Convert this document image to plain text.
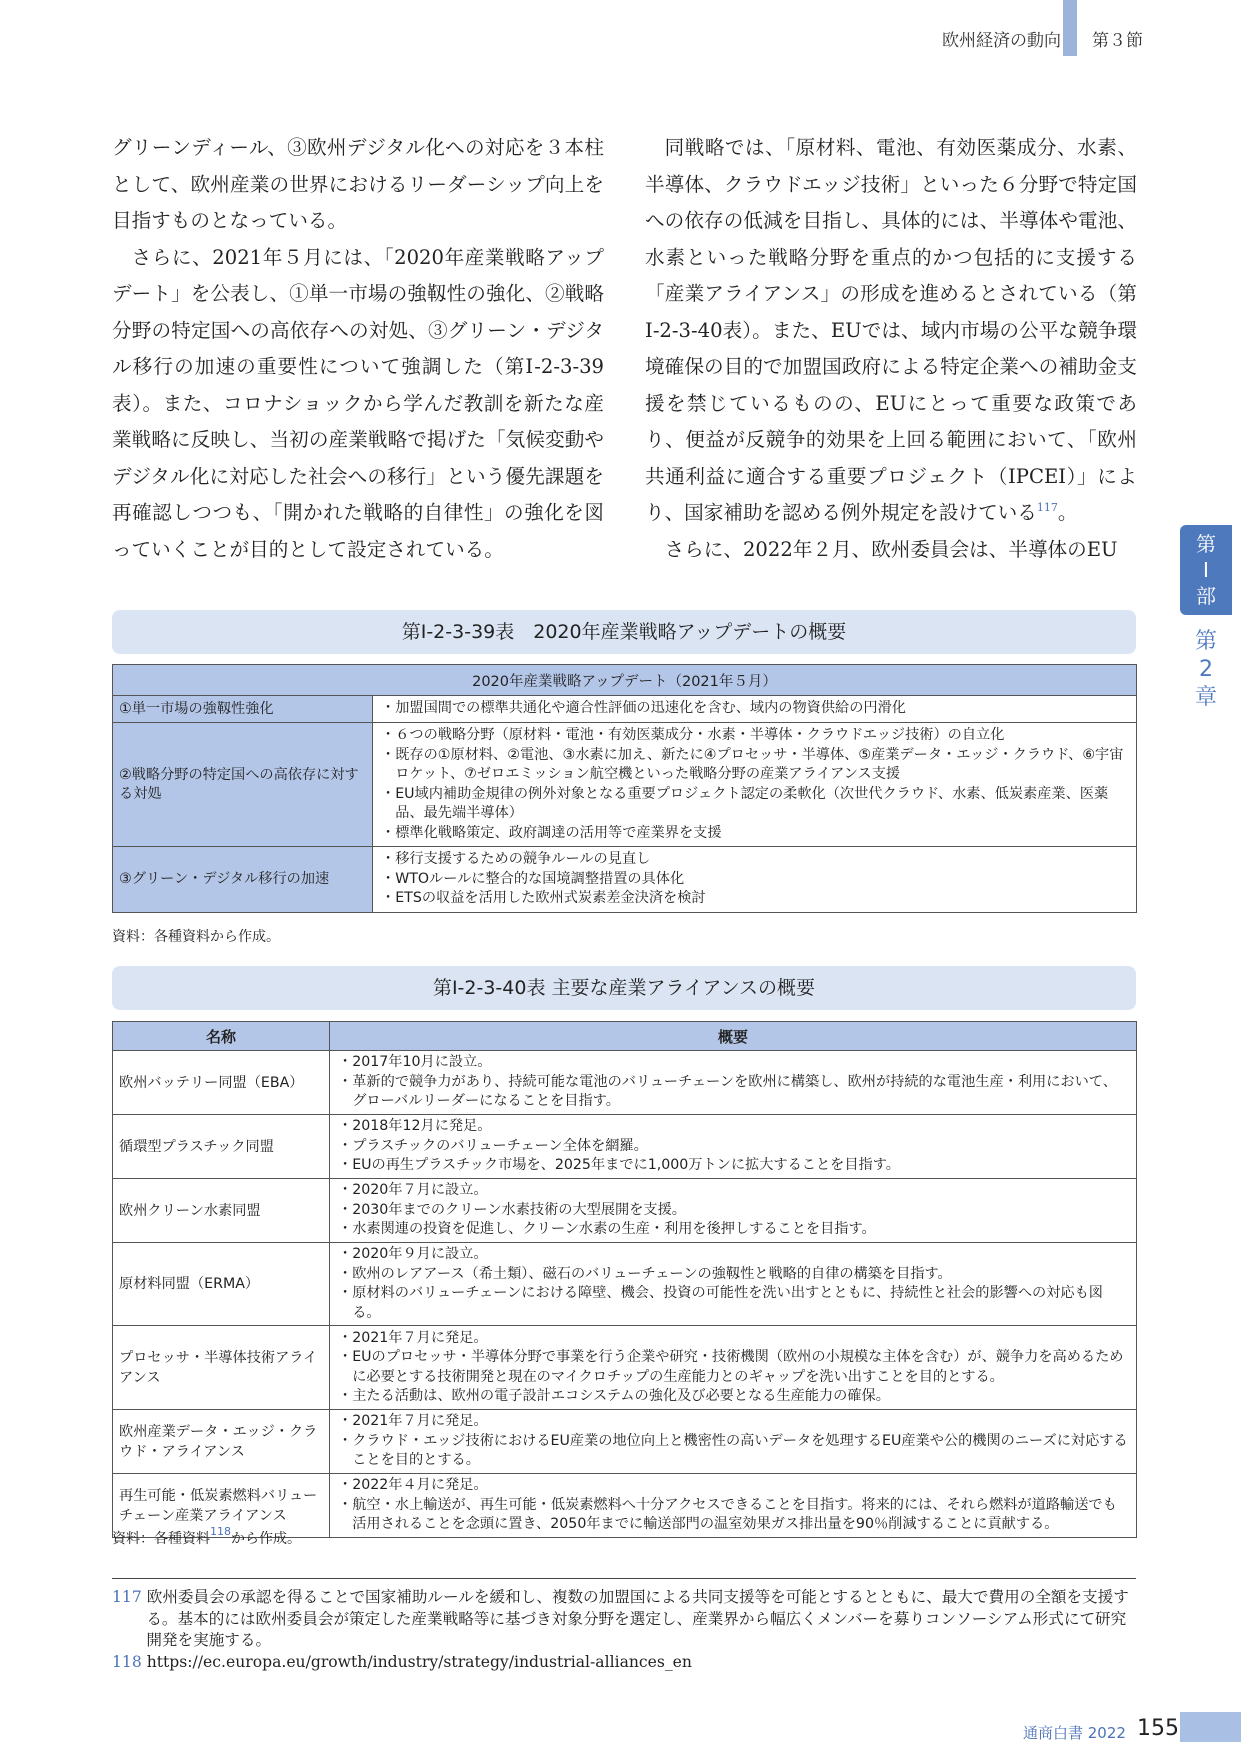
欧州経済の動向 第３節

グリーンディール、③欧州デジタル化への対応を３本柱として、欧州産業の世界におけるリーダーシップ向上を目指すものとなっている。

さらに、2021年５月には、「2020年産業戦略アップデート」を公表し、①単一市場の強靱性の強化、②戦略分野の特定国への高依存への対処、③グリーン・デジタル移行の加速の重要性について強調した（第Ⅰ-2-3-39表）。また、コロナショックから学んだ教訓を新たな産業戦略に反映し、当初の産業戦略で掲げた「気候変動やデジタル化に対応した社会への移行」という優先課題を再確認しつつも、「開かれた戦略的自律性」の強化を図っていくことが目的として設定されている。

同戦略では、「原材料、電池、有効医薬成分、水素、半導体、クラウドエッジ技術」といった６分野で特定国への依存の低減を目指し、具体的には、半導体や電池、水素といった戦略分野を重点的かつ包括的に支援する「産業アライアンス」の形成を進めるとされている（第Ⅰ-2-3-40表）。また、EUでは、域内市場の公平な競争環境確保の目的で加盟国政府による特定企業への補助金支援を禁じているものの、EUにとって重要な政策であり、便益が反競争的効果を上回る範囲において、「欧州共通利益に適合する重要プロジェクト（IPCEI）」により、国家補助を認める例外規定を設けている$^{117}$。

さらに、2022年２月、欧州委員会は、半導体のEU	第
Ⅰ
部
第
2
章
第Ⅰ-2-3-39表　2020年産業戦略アップデートの概要
2020年産業戦略アップデート（2021年５月）	
①単一市場の強靱性強化	・加盟国間での標準共通化や適合性評価の迅速化を含む、域内の物資供給の円滑化

②戦略分野の特定国への高依存に対する対処	・６つの戦略分野（原材料・電池・有効医薬成分・水素・半導体・クラウドエッジ技術）の自立化
・既存の①原材料、②電池、③水素に加え、新たに④プロセッサ・半導体、⑤産業データ・エッジ・クラウド、⑥宇宙ロケット、⑦ゼロエミッション航空機といった戦略分野の産業アライアンス支援
・EU域内補助金規律の例外対象となる重要プロジェクト認定の柔軟化（次世代クラウド、水素、低炭素産業、医薬品、最先端半導体）
・標準化戦略策定、政府調達の活用等で産業界を支援

③グリーン・デジタル移行の加速	・移行支援するための競争ルールの見直し
・WTOルールに整合的な国境調整措置の具体化
・ETSの収益を活用した欧州式炭素差金決済を検討
資料：各種資料から作成。
第Ⅰ-2-3-40表 主要な産業アライアンスの概要
名称	概要
欧州バッテリー同盟（EBA）	・2017年10月に設立。
・革新的で競争力があり、持続可能な電池のバリューチェーンを欧州に構築し、欧州が持続的な電池生産・利用において、グローバルリーダーになることを目指す。

循環型プラスチック同盟	・2018年12月に発足。
・プラスチックのバリューチェーン全体を網羅。
・EUの再生プラスチック市場を、2025年までに1,000万トンに拡大することを目指す。

欧州クリーン水素同盟	・2020年７月に設立。
・2030年までのクリーン水素技術の大型展開を支援。
・水素関連の投資を促進し、クリーン水素の生産・利用を後押しすることを目指す。

原材料同盟（ERMA）	・2020年９月に設立。
・欧州のレアアース（希土類）、磁石のバリューチェーンの強靱性と戦略的自律の構築を目指す。
・原材料のバリューチェーンにおける障壁、機会、投資の可能性を洗い出すとともに、持続性と社会的影響への対応も図る。

プロセッサ・半導体技術アライアンス	・2021年７月に発足。
・EUのプロセッサ・半導体分野で事業を行う企業や研究・技術機関（欧州の小規模な主体を含む）が、競争力を高めるために必要とする技術開発と現在のマイクロチップの生産能力とのギャップを洗い出すことを目的とする。
・主たる活動は、欧州の電子設計エコシステムの強化及び必要となる生産能力の確保。

欧州産業データ・エッジ・クラウド・アライアンス	・2021年７月に発足。
・クラウド・エッジ技術におけるEU産業の地位向上と機密性の高いデータを処理するEU産業や公的機関のニーズに対応することを目的とする。

再生可能・低炭素燃料バリューチェーン産業アライアンス	・2022年４月に発足。
・航空・水上輸送が、再生可能・低炭素燃料へ十分アクセスできることを目指す。将来的には、それら燃料が道路輸送でも活用されることを念頭に置き、2050年までに輸送部門の温室効果ガス排出量を90％削減することに貢献する。
資料：各種資料$^{118}$から作成。
117 欧州委員会の承認を得ることで国家補助ルールを緩和し、複数の加盟国による共同支援等を可能とするとともに、最大で費用の全額を支援する。基本的には欧州委員会が策定した産業戦略等に基づき対象分野を選定し、産業界から幅広くメンバーを募りコンソーシアム形式にて研究開発を実施する。
118 https://ec.europa.eu/growth/industry/strategy/industrial-alliances_en
通商白書 2022 155
